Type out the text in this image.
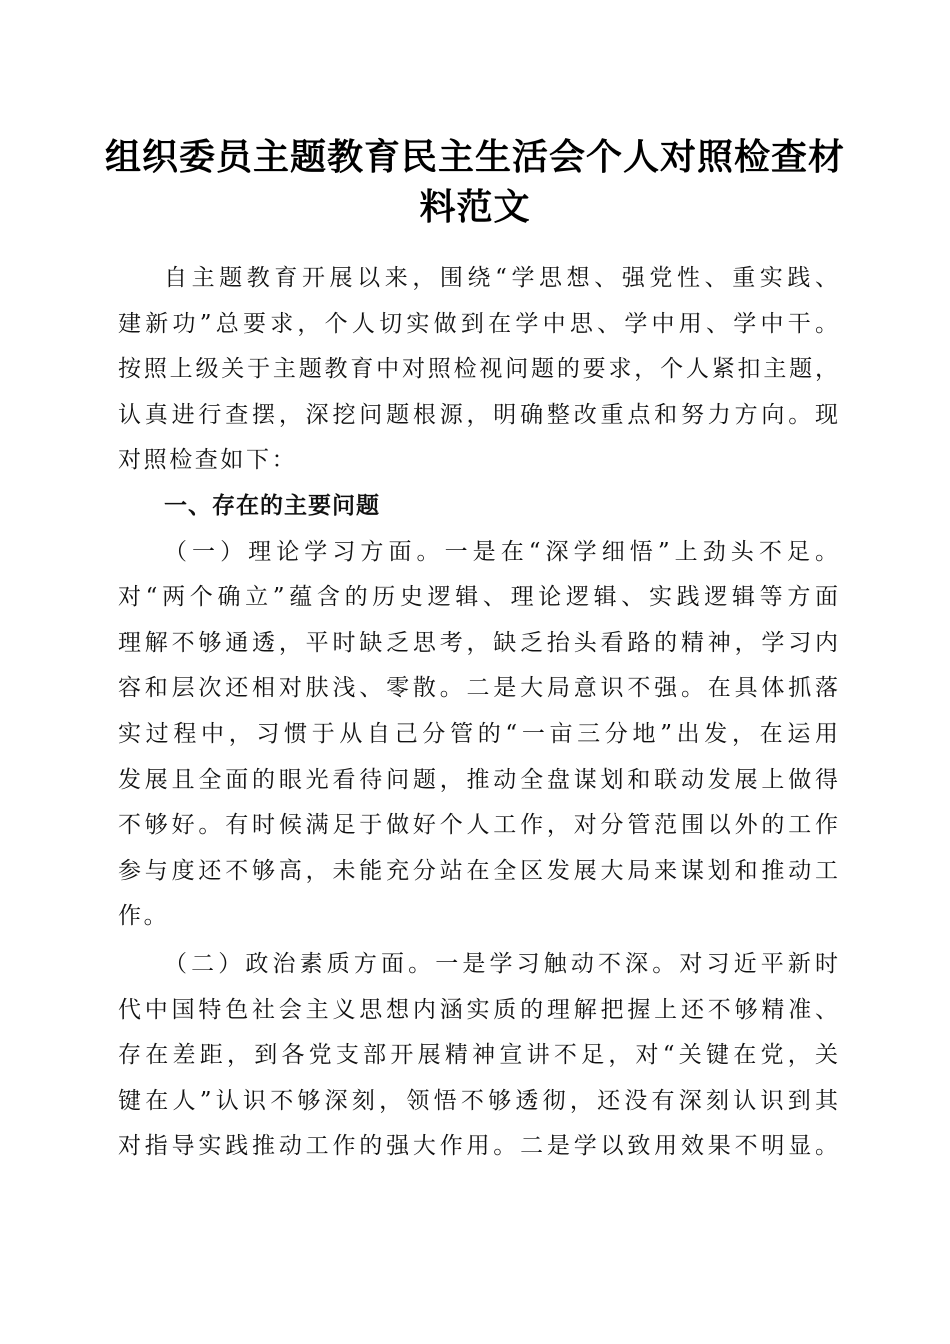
组织委员主题教育民主生活会个人对照检查材
料范文
自主题教育开展以来，围绕“学思想、强党性、重实践、
建新功”总要求，个人切实做到在学中思、学中用、学中干。
按照上级关于主题教育中对照检视问题的要求，个人紧扣主题，
认真进行查摆，深挖问题根源，明确整改重点和努力方向。现
对照检查如下：
一、存在的主要问题
（一）理论学习方面。一是在“深学细悟”上劲头不足。
对“两个确立”蕴含的历史逻辑、理论逻辑、实践逻辑等方面
理解不够通透，平时缺乏思考，缺乏抬头看路的精神，学习内
容和层次还相对肤浅、零散。二是大局意识不强。在具体抓落
实过程中，习惯于从自己分管的“一亩三分地”出发，在运用
发展且全面的眼光看待问题，推动全盘谋划和联动发展上做得
不够好。有时候满足于做好个人工作，对分管范围以外的工作
参与度还不够高，未能充分站在全区发展大局来谋划和推动工
作。
（二）政治素质方面。一是学习触动不深。对习近平新时
代中国特色社会主义思想内涵实质的理解把握上还不够精准、
存在差距，到各党支部开展精神宣讲不足，对“关键在党，关
键在人”认识不够深刻，领悟不够透彻，还没有深刻认识到其
对指导实践推动工作的强大作用。二是学以致用效果不明显。
